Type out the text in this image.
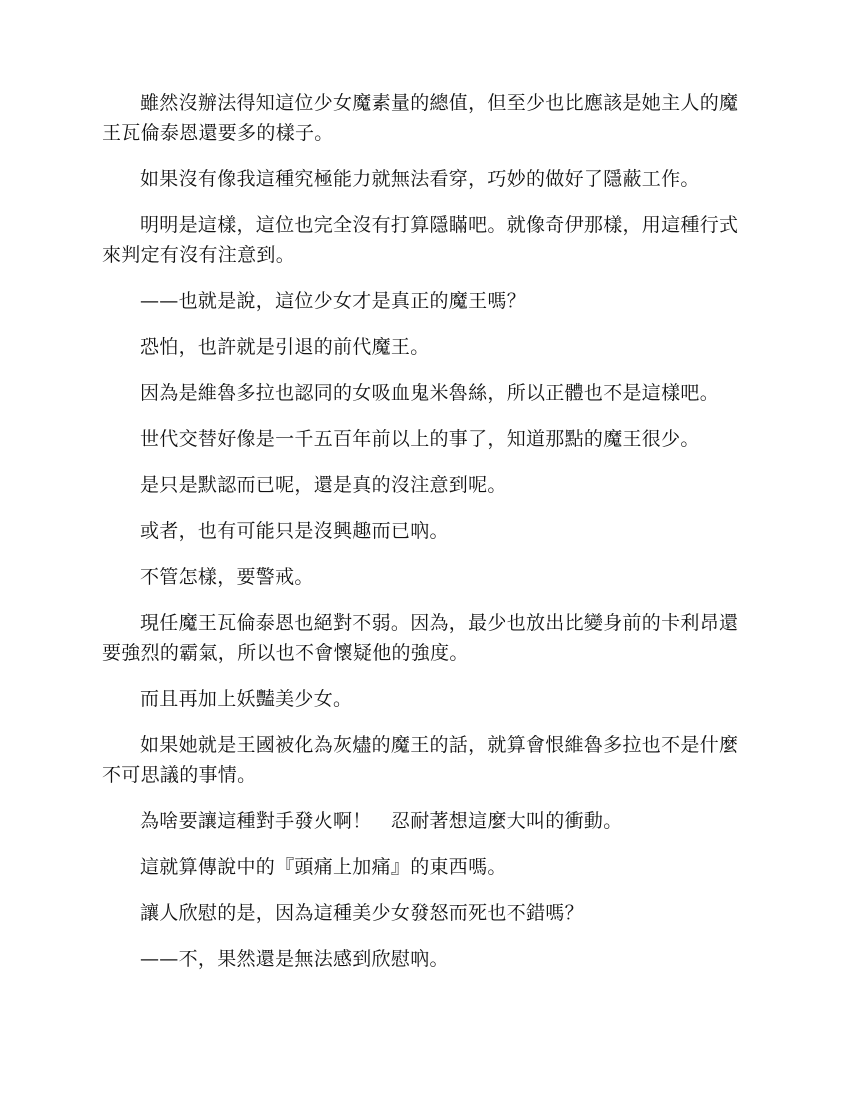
雖然沒辦法得知這位少女魔素量的總值，但至少也比應該是她主人的魔王瓦倫泰恩還要多的樣子。

如果沒有像我這種究極能力就無法看穿，巧妙的做好了隱蔽工作。

明明是這樣，這位也完全沒有打算隱瞞吧。就像奇伊那樣，用這種行式來判定有沒有注意到。

——也就是說，這位少女才是真正的魔王嗎？

恐怕，也許就是引退的前代魔王。

因為是維魯多拉也認同的女吸血鬼米魯絲，所以正體也不是這樣吧。

世代交替好像是一千五百年前以上的事了，知道那點的魔王很少。

是只是默認而已呢，還是真的沒注意到呢。

或者，也有可能只是沒興趣而已吶。

不管怎樣，要警戒。

現任魔王瓦倫泰恩也絕對不弱。因為，最少也放出比變身前的卡利昂還要強烈的霸氣，所以也不會懷疑他的強度。

而且再加上妖豔美少女。

如果她就是王國被化為灰燼的魔王的話，就算會恨維魯多拉也不是什麼不可思議的事情。

為啥要讓這種對手發火啊！　忍耐著想這麼大叫的衝動。

這就算傳說中的『頭痛上加痛』的東西嗎。

讓人欣慰的是，因為這種美少女發怒而死也不錯嗎？

——不，果然還是無法感到欣慰吶。
